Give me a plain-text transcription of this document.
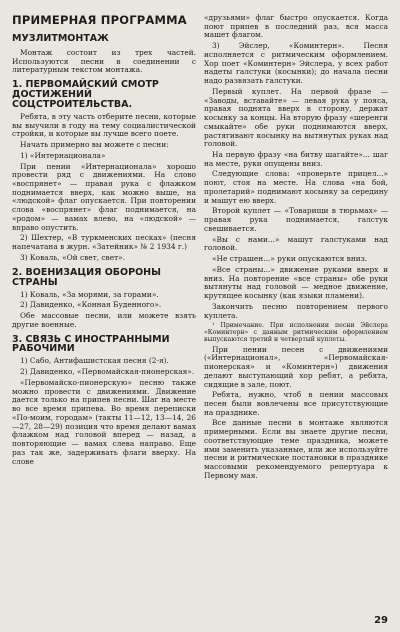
ПРИМЕРНАЯ ПРОГРАММА
МУЗЛИТМОНТАЖ

Монтаж состоит из трех частей. Используются песни в соединении с литературным текстом монтажа.

1. ПЕРВОМАЙСКИЙ СМОТР ДОСТИЖЕНИЙ СОЦСТРОИТЕЛЬСТВА.

Ребята, в эту часть отберите песни, которые вы выучили в году на тему социалистической стройки, и которые вы лучше всего поете.

Начать примерно вы можете с песни:

1) «Интернационала»

При пении «Интернационала» хорошо провести ряд с движениями. На слово «воспрянет» — правая рука с флажком поднимается вверх, как можно выше, на «людской» флаг опускается. При повторении слова «воспрянет» флаг поднимается, на «родом» — вамах влево, на «людской» — вправо опустить.

2) Шехтер, «В туркменских песках» (песня напечатана в журн. «Затейник» № 2 1934 г.)

3) Коваль, «Ой свет, свет».

2. ВОЕНИЗАЦИЯ ОБОРОНЫ СТРАНЫ

1) Коваль, «За морями, за горами».

2) Давиденко, «Конная Буденного».

Обе массовые песни, или можете взять другие военные.

3. СВЯЗЬ С ИНОСТРАННЫМИ РАБОЧИМИ

1) Сабо, Антифашистская песня (2-я).

2) Давиденко, «Первомайская-пионерская».

«Первомайско-пионерскую» песню также можно провести с движениями. Движение дается только на припев песни. Шаг на месте во все время припева. Во время переписки «По-моим, городам» (такты 11—12, 13—14, 26—27, 28—29) позиция что время делают вамах флажком над головой вперед — назад, а повторяющие — вамах слева направо. Еще раз так же, задерживать флаги вверху. На слове

«друзьями» флаг быстро опускается. Когда поют припев в последний раз, вся масса машет флагом.

3) Эйслер, «Коминтерн». Песня исполняется с ритмическим оформлением. Хор поет «Коминтерн» Эйслера, у всех работ надеты галстуки (косынки); до начала песни надо развязать галстуки.

Первый куплет. На первой фразе — «Заводы, вставайте» — левая рука у пояса, правая поднята вверх в сторону, держат косынку за концы. На вторую фразу «шеренги смыкайте» обе руки поднимаются вверх, растягивают косынку на вытянутых руках над головой.

На первую фразу «на битву шагайте»... шаг на месте, руки опущены вниз.

Следующие слова: «проверьте прицел...» поют, стоя на месте. На слова «на бой, пролетарий» поднимают косынку за середину и машут ею вверх.

Второй куплет — «Товарищи в тюрьмах» — правая рука поднимается, галстук свешивается.

«Вы с нами...» машут галстуками над головой.

«Не страшен...» руки опускаются вниз.

«Все страны...» движение руками вверх и вниз. На повторение «все страны» обе руки вытянуты над головой — медное движение, крутящее косынку (как языки пламени).

Закончить песню повторением первого куплета.

¹ Примечание. При исполнении песни Эйслера «Коминтерн» с данным ритмическим оформлением выпускаются третий и четвертый куплеты.

При пении песен с движениями («Интернационал», «Первомайская-пионерская» и «Коминтерн») движения делают выступающий хор ребят, а ребята, сидящие в зале, поют.

Ребята, нужно, чтоб в пении массовых песен были вовлечены все присутствующие на празднике.

Все данные песни в монтаже являются примерными. Если вы знаете другие песни, соответствующие теме праздника, можете ими заменить указанные, или же используйте песни и ритмические постановки в празднике массовыми рекомендуемого репертуара к Первому мая.

29
